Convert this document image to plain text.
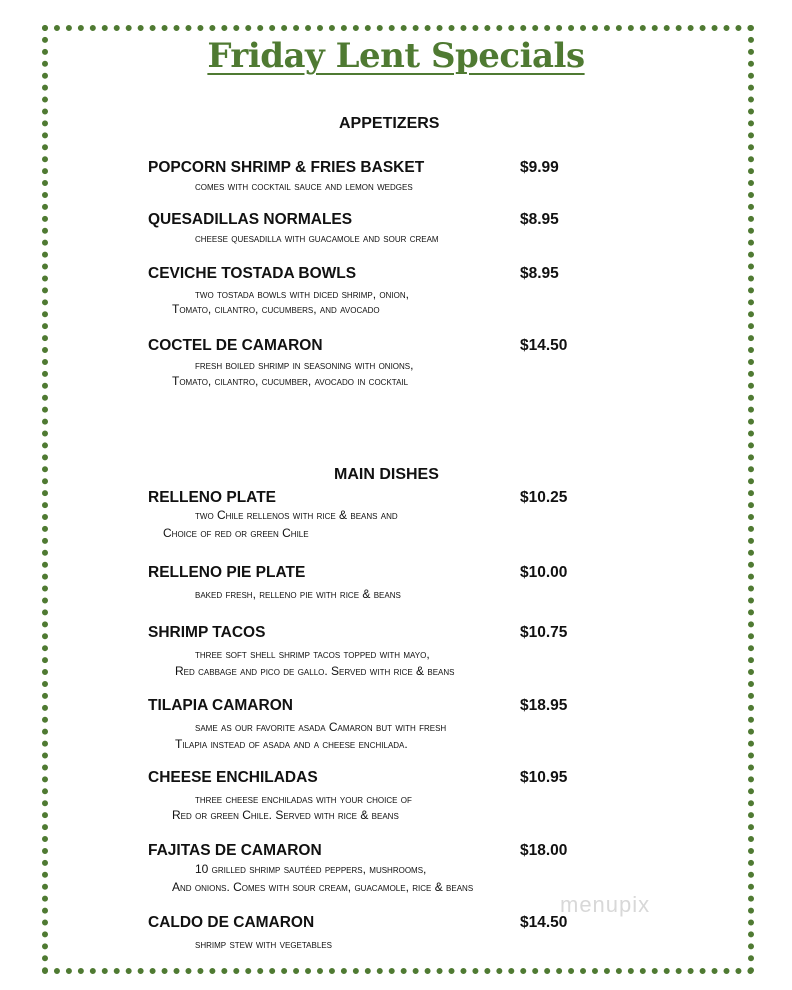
Friday Lent Specials
menupix
APPETIZERS
POPCORN SHRIMP & FRIES BASKET	$9.99
comes with cocktail sauce and lemon wedges
QUESADILLAS NORMALES	$8.95
cheese quesadilla with guacamole and sour cream
CEVICHE TOSTADA BOWLS	$8.95
two tostada bowls with diced shrimp, onion,
Tomato, cilantro, cucumbers, and avocado
COCTEL DE CAMARON	$14.50
fresh boiled shrimp in seasoning with onions,
Tomato, cilantro, cucumber, avocado in cocktail
MAIN DISHES
RELLENO PLATE	$10.25
two Chile rellenos with rice & beans and
Choice of red or green Chile
RELLENO PIE PLATE	$10.00
baked fresh, relleno pie with rice & beans
SHRIMP TACOS	$10.75
three soft shell shrimp tacos topped with mayo,
Red cabbage and pico de gallo. Served with rice & beans
TILAPIA CAMARON	$18.95
same as our favorite asada Camaron but with fresh
Tilapia instead of asada and a cheese enchilada.
CHEESE ENCHILADAS	$10.95
three cheese enchiladas with your choice of
Red or green Chile. Served with rice & beans
FAJITAS DE CAMARON	$18.00
10 grilled shrimp sautéed peppers, mushrooms,
And onions. Comes with sour cream, guacamole, rice & beans
CALDO DE CAMARON	$14.50
shrimp stew with vegetables
